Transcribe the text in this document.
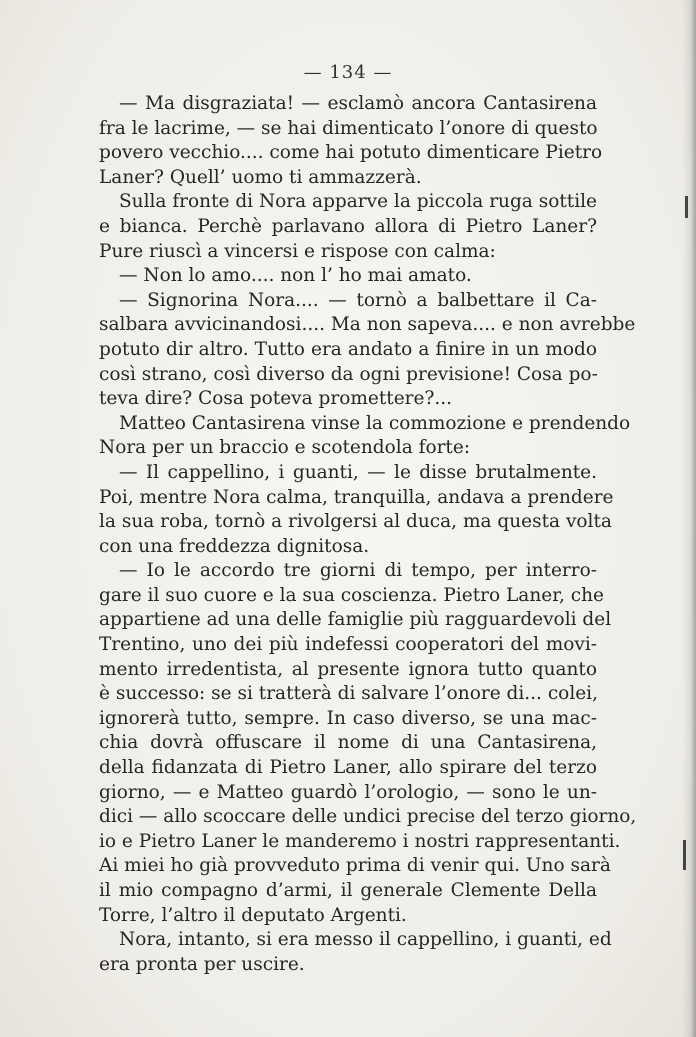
— 134 —
— Ma disgraziata! — esclamò ancora Cantasirena
fra le lacrime, — se hai dimenticato l’onore di questo
povero vecchio.... come hai potuto dimenticare Pietro
Laner? Quell’ uomo ti ammazzerà.
Sulla fronte di Nora apparve la piccola ruga sottile
e bianca. Perchè parlavano allora di Pietro Laner?
Pure riuscì a vincersi e rispose con calma:
— Non lo amo.... non l’ ho mai amato.
— Signorina Nora.... — tornò a balbettare il Ca-
salbara avvicinandosi.... Ma non sapeva.... e non avrebbe
potuto dir altro. Tutto era andato a finire in un modo
così strano, così diverso da ogni previsione! Cosa po-
teva dire? Cosa poteva promettere?...
Matteo Cantasirena vinse la commozione e prendendo
Nora per un braccio e scotendola forte:
— Il cappellino, i guanti, — le disse brutalmente.
Poi, mentre Nora calma, tranquilla, andava a prendere
la sua roba, tornò a rivolgersi al duca, ma questa volta
con una freddezza dignitosa.
— Io le accordo tre giorni di tempo, per interro-
gare il suo cuore e la sua coscienza. Pietro Laner, che
appartiene ad una delle famiglie più ragguardevoli del
Trentino, uno dei più indefessi cooperatori del movi-
mento irredentista, al presente ignora tutto quanto
è successo: se si tratterà di salvare l’onore di... colei,
ignorerà tutto, sempre. In caso diverso, se una mac-
chia dovrà offuscare il nome di una Cantasirena,
della fidanzata di Pietro Laner, allo spirare del terzo
giorno, — e Matteo guardò l’orologio, — sono le un-
dici — allo scoccare delle undici precise del terzo giorno,
io e Pietro Laner le manderemo i nostri rappresentanti.
Ai miei ho già provveduto prima di venir qui. Uno sarà
il mio compagno d’armi, il generale Clemente Della
Torre, l’altro il deputato Argenti.
Nora, intanto, si era messo il cappellino, i guanti, ed
era pronta per uscire.
